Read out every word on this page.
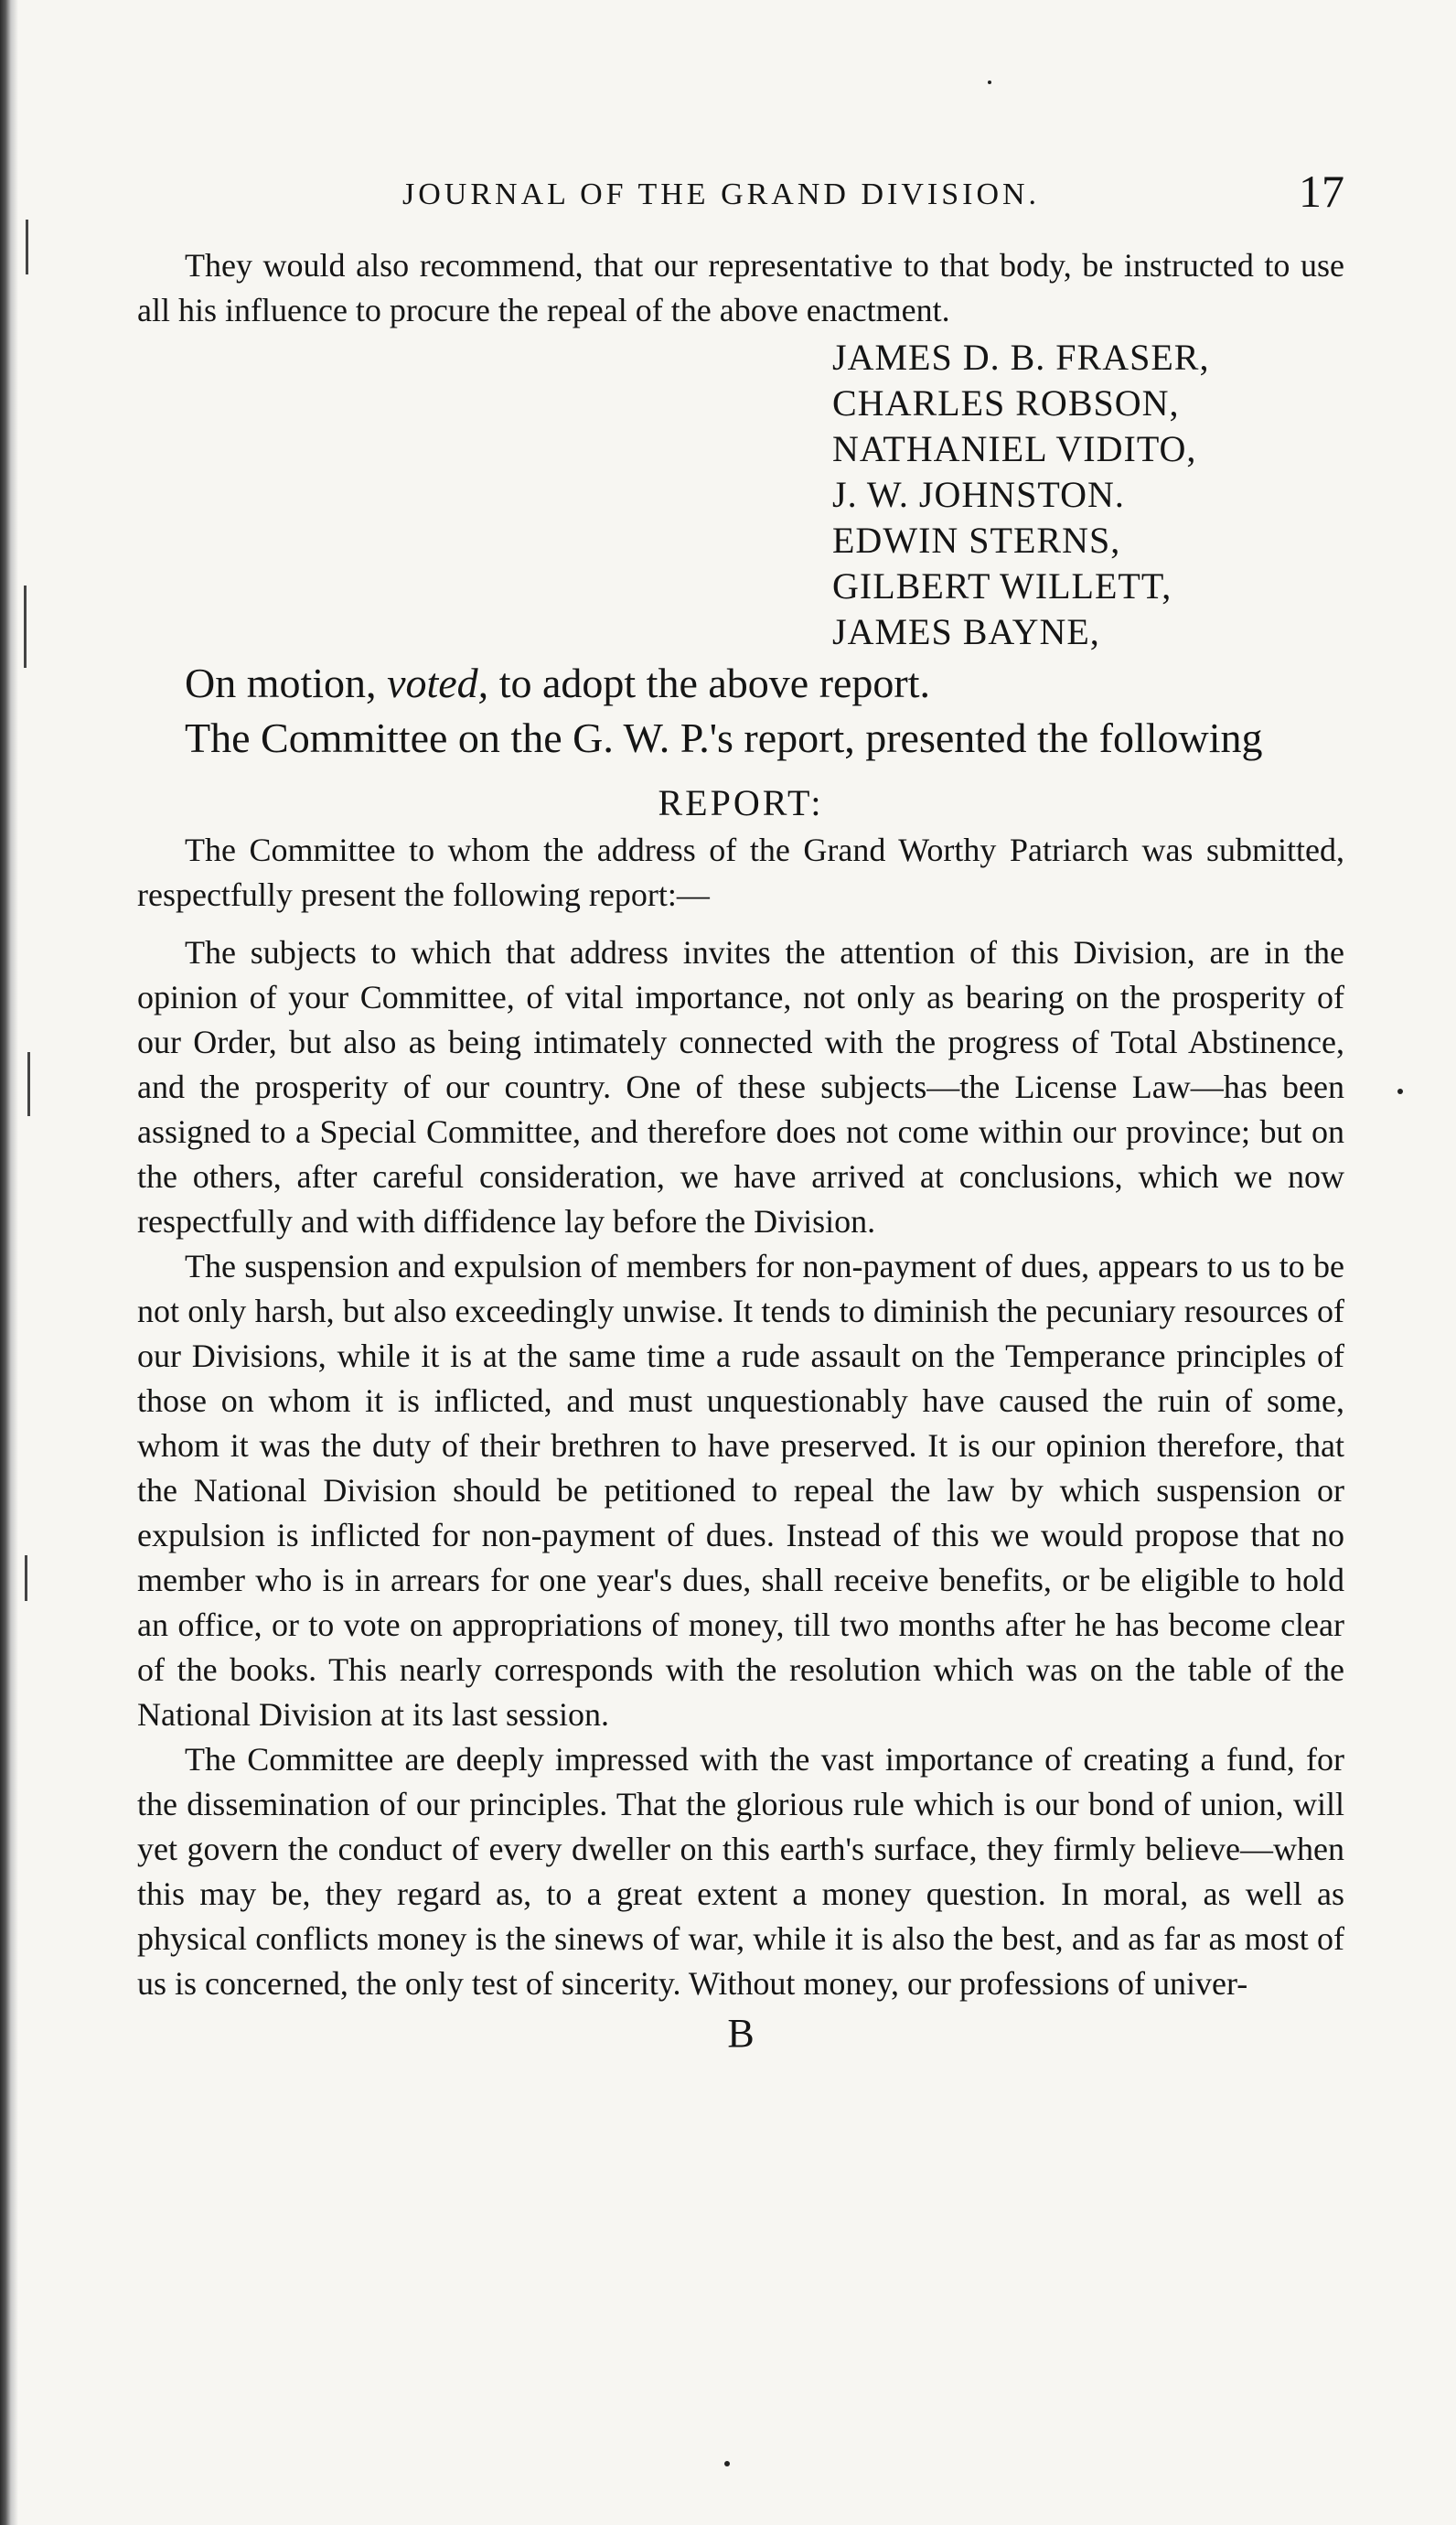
JOURNAL OF THE GRAND DIVISION.	17

They would also recommend, that our representative to that body, be instructed to use all his influence to procure the repeal of the above enactment.

JAMES D. B. FRASER,
CHARLES ROBSON,
NATHANIEL VIDITO,
J. W. JOHNSTON.
EDWIN STERNS,
GILBERT WILLETT,
JAMES BAYNE,

On motion, voted, to adopt the above report.

The Committee on the G. W. P.'s report, presented the following

REPORT:

The Committee to whom the address of the Grand Worthy Patriarch was submitted, respectfully present the following report:—

The subjects to which that address invites the attention of this Division, are in the opinion of your Committee, of vital importance, not only as bearing on the prosperity of our Order, but also as being intimately connected with the progress of Total Abstinence, and the prosperity of our country. One of these subjects—the License Law—has been assigned to a Special Committee, and therefore does not come within our province; but on the others, after careful consideration, we have arrived at conclusions, which we now respectfully and with diffidence lay before the Division.

The suspension and expulsion of members for non-payment of dues, appears to us to be not only harsh, but also exceedingly unwise. It tends to diminish the pecuniary resources of our Divisions, while it is at the same time a rude assault on the Temperance principles of those on whom it is inflicted, and must unquestionably have caused the ruin of some, whom it was the duty of their brethren to have preserved. It is our opinion therefore, that the National Division should be petitioned to repeal the law by which suspension or expulsion is inflicted for non-payment of dues. Instead of this we would propose that no member who is in arrears for one year's dues, shall receive benefits, or be eligible to hold an office, or to vote on appropriations of money, till two months after he has become clear of the books. This nearly corresponds with the resolution which was on the table of the National Division at its last session.

The Committee are deeply impressed with the vast importance of creating a fund, for the dissemination of our principles. That the glorious rule which is our bond of union, will yet govern the conduct of every dweller on this earth's surface, they firmly believe—when this may be, they regard as, to a great extent a money question. In moral, as well as physical conflicts money is the sinews of war, while it is also the best, and as far as most of us is concerned, the only test of sincerity. Without money, our professions of univer-

B
